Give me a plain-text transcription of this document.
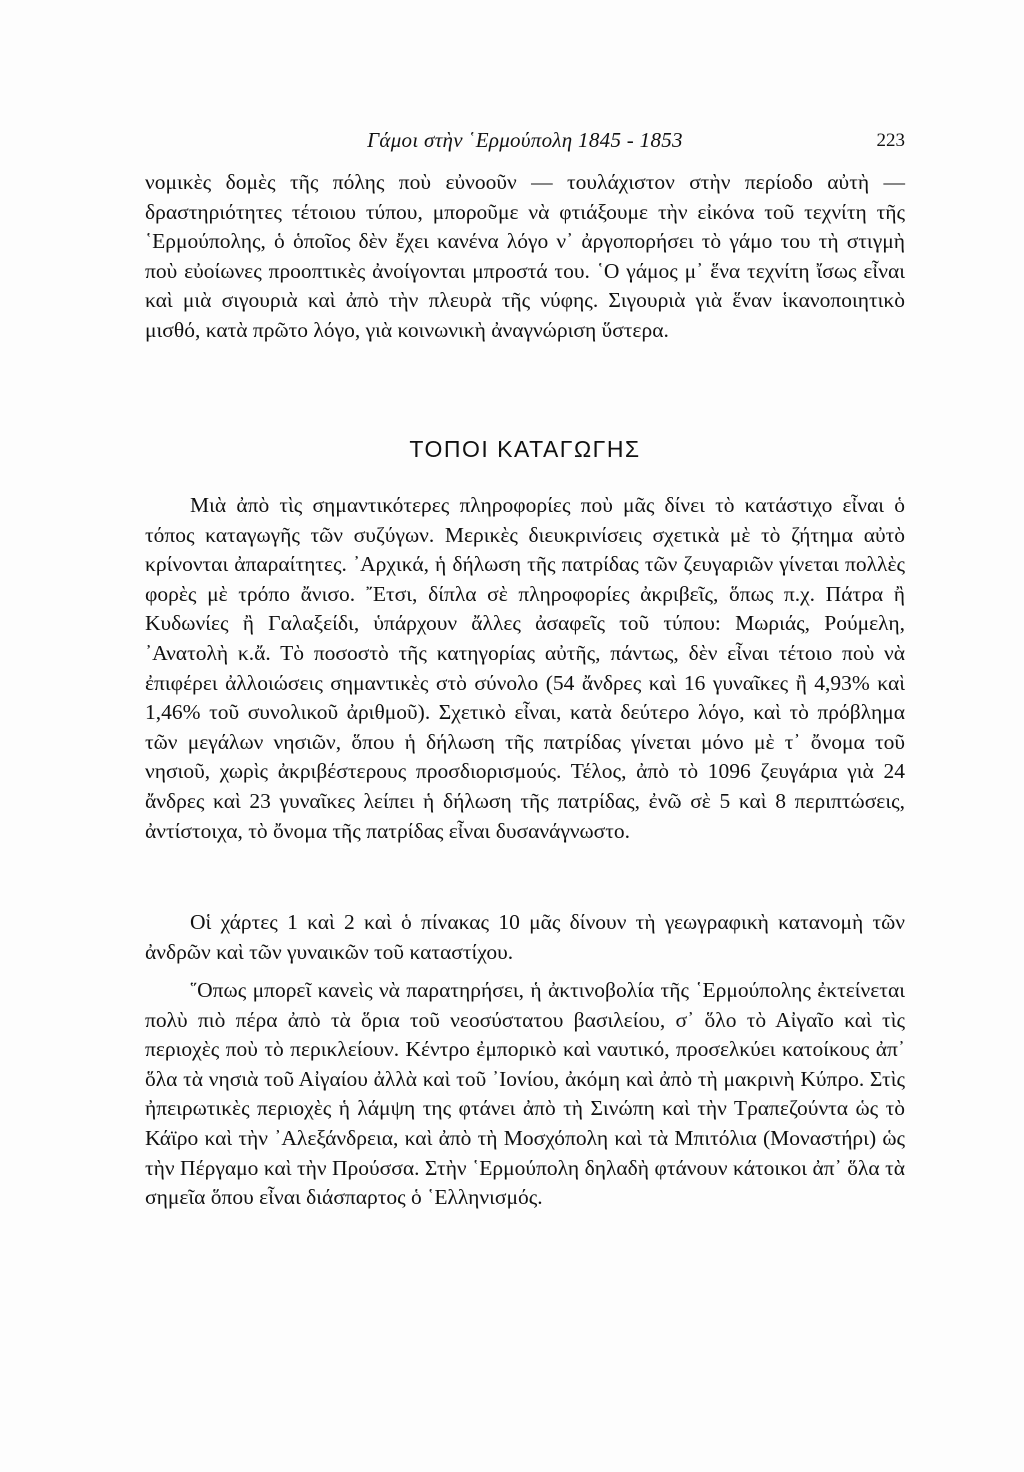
Γάμοι στὴν ῾Ερμούπολη 1845 - 1853	223

νομικὲς δομὲς τῆς πόλης ποὺ εὐνοοῦν — τουλάχιστον στὴν περίοδο αὐτὴ — δραστηριότητες τέτοιου τύπου, μποροῦμε νὰ φτιάξουμε τὴν εἰκόνα τοῦ τεχνίτη τῆς ῾Ερμούπολης, ὁ ὁποῖος δὲν ἔχει κανένα λόγο ν᾿ ἀργοπορήσει τὸ γάμο του τὴ στιγμὴ ποὺ εὐοίωνες προοπτικὲς ἀνοίγονται μπροστά του. ῾Ο γάμος μ᾿ ἕνα τεχνίτη ἴσως εἶναι καὶ μιὰ σιγουριὰ καὶ ἀπὸ τὴν πλευρὰ τῆς νύφης. Σιγουριὰ γιὰ ἕναν ἱκανοποιητικὸ μισθό, κατὰ πρῶτο λόγο, γιὰ κοινωνικὴ ἀναγνώριση ὕστερα.

ΤΟΠΟΙ ΚΑΤΑΓΩΓΗΣ

Μιὰ ἀπὸ τὶς σημαντικότερες πληροφορίες ποὺ μᾶς δίνει τὸ κατάστιχο εἶναι ὁ τόπος καταγωγῆς τῶν συζύγων. Μερικὲς διευκρινίσεις σχετικὰ μὲ τὸ ζήτημα αὐτὸ κρίνονται ἀπαραίτητες. ᾿Αρχικά, ἡ δήλωση τῆς πατρίδας τῶν ζευγαριῶν γίνεται πολλὲς φορὲς μὲ τρόπο ἄνισο. ῎Ετσι, δίπλα σὲ πληροφορίες ἀκριβεῖς, ὅπως π.χ. Πάτρα ἢ Κυδωνίες ἢ Γαλαξείδι, ὑπάρχουν ἄλλες ἀσαφεῖς τοῦ τύπου: Μωριάς, Ρούμελη, ᾿Ανατολὴ κ.ἄ. Τὸ ποσοστὸ τῆς κατηγορίας αὐτῆς, πάντως, δὲν εἶναι τέτοιο ποὺ νὰ ἐπιφέρει ἀλλοιώσεις σημαντικὲς στὸ σύνολο (54 ἄνδρες καὶ 16 γυναῖκες ἢ 4,93% καὶ 1,46% τοῦ συνολικοῦ ἀριθμοῦ). Σχετικὸ εἶναι, κατὰ δεύτερο λόγο, καὶ τὸ πρόβλημα τῶν μεγάλων νησιῶν, ὅπου ἡ δήλωση τῆς πατρίδας γίνεται μόνο μὲ τ᾿ ὄνομα τοῦ νησιοῦ, χωρὶς ἀκριβέστερους προσδιορισμούς. Τέλος, ἀπὸ τὸ 1096 ζευγάρια γιὰ 24 ἄνδρες καὶ 23 γυναῖκες λείπει ἡ δήλωση τῆς πατρίδας, ἐνῶ σὲ 5 καὶ 8 περιπτώσεις, ἀντίστοιχα, τὸ ὄνομα τῆς πατρίδας εἶναι δυσανάγνωστο.

Οἱ χάρτες 1 καὶ 2 καὶ ὁ πίνακας 10 μᾶς δίνουν τὴ γεωγραφικὴ κατανομὴ τῶν ἀνδρῶν καὶ τῶν γυναικῶν τοῦ καταστίχου.

῞Οπως μπορεῖ κανεὶς νὰ παρατηρήσει, ἡ ἀκτινοβολία τῆς ῾Ερμούπολης ἐκτείνεται πολὺ πιὸ πέρα ἀπὸ τὰ ὅρια τοῦ νεοσύστατου βασιλείου, σ᾿ ὅλο τὸ Αἰγαῖο καὶ τὶς περιοχὲς ποὺ τὸ περικλείουν. Κέντρο ἐμπορικὸ καὶ ναυτικό, προσελκύει κατοίκους ἀπ᾿ ὅλα τὰ νησιὰ τοῦ Αἰγαίου ἀλλὰ καὶ τοῦ ᾿Ιονίου, ἀκόμη καὶ ἀπὸ τὴ μακρινὴ Κύπρο. Στὶς ἠπειρωτικὲς περιοχὲς ἡ λάμψη της φτάνει ἀπὸ τὴ Σινώπη καὶ τὴν Τραπεζούντα ὡς τὸ Κάϊρο καὶ τὴν ᾿Αλεξάνδρεια, καὶ ἀπὸ τὴ Μοσχόπολη καὶ τὰ Μπιτόλια (Μοναστήρι) ὡς τὴν Πέργαμο καὶ τὴν Προύσσα. Στὴν ῾Ερμούπολη δηλαδὴ φτάνουν κάτοικοι ἀπ᾿ ὅλα τὰ σημεῖα ὅπου εἶναι διάσπαρτος ὁ ῾Ελληνισμός.
